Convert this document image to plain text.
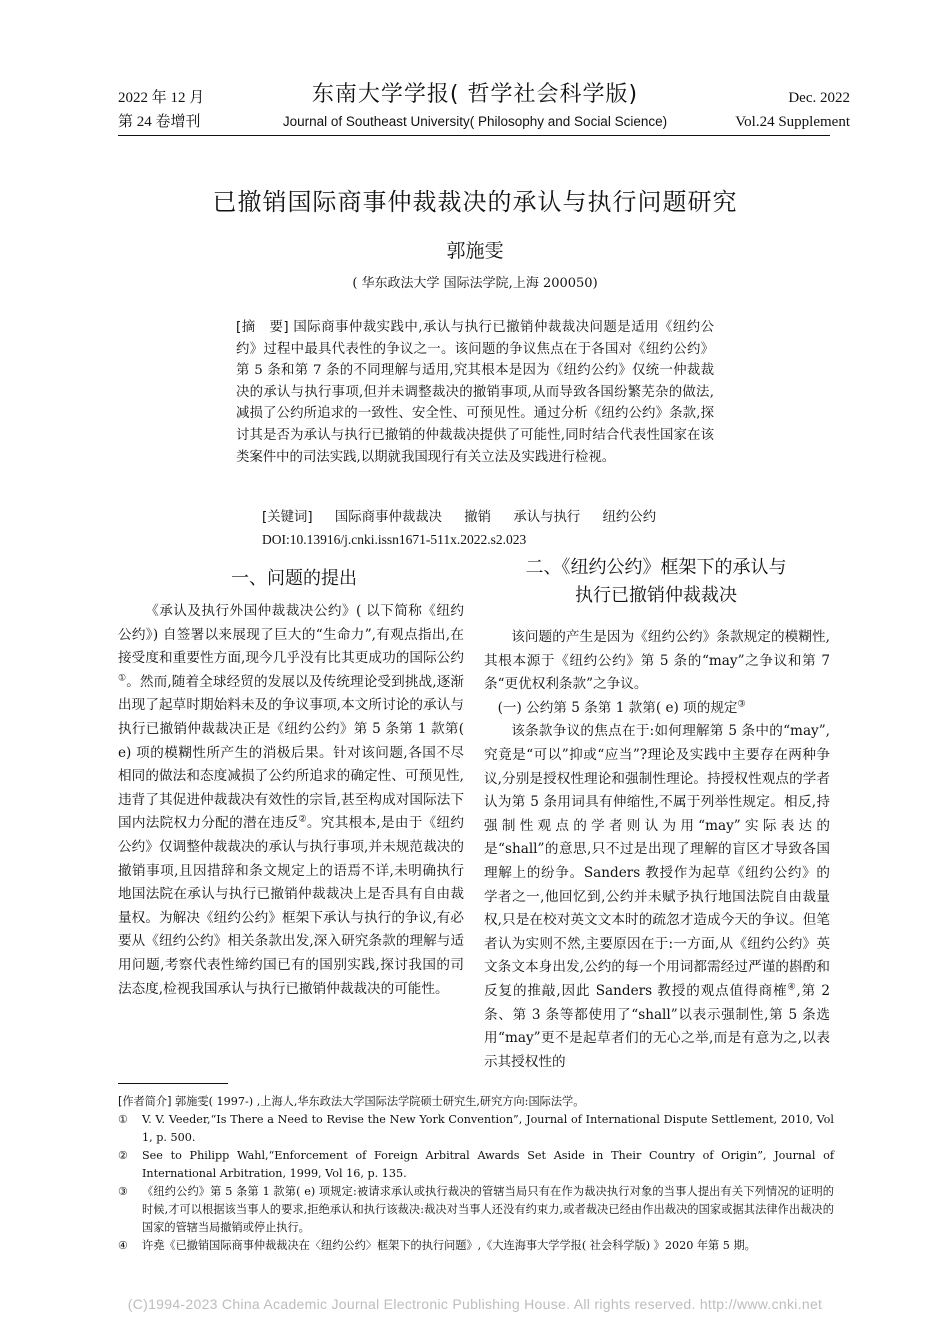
2022 年 12 月
第 24 卷增刊
东南大学学报( 哲学社会科学版)
Journal of Southeast University( Philosophy and Social Science)
Dec. 2022
Vol.24 Supplement
已撤销国际商事仲裁裁决的承认与执行问题研究
郭施雯
( 华东政法大学 国际法学院,上海 200050)
[摘　要] 国际商事仲裁实践中,承认与执行已撤销仲裁裁决问题是适用《纽约公约》过程中最具代表性的争议之一。该问题的争议焦点在于各国对《纽约公约》第 5 条和第 7 条的不同理解与适用,究其根本是因为《纽约公约》仅统一仲裁裁决的承认与执行事项,但并未调整裁决的撤销事项,从而导致各国纷繁芜杂的做法,减损了公约所追求的一致性、安全性、可预见性。通过分析《纽约公约》条款,探讨其是否为承认与执行已撤销的仲裁裁决提供了可能性,同时结合代表性国家在该类案件中的司法实践,以期就我国现行有关立法及实践进行检视。
[关键词] 国际商事仲裁裁决 撤销 承认与执行 纽约公约
DOI:10.13916/j.cnki.issn1671-511x.2022.s2.023
一、问题的提出
二、《纽约公约》框架下的承认与
执行已撤销仲裁裁决

《承认及执行外国仲裁裁决公约》( 以下简称《纽约公约》) 自签署以来展现了巨大的“生命力”,有观点指出,在接受度和重要性方面,现今几乎没有比其更成功的国际公约①。然而,随着全球经贸的发展以及传统理论受到挑战,逐渐出现了起草时期始料未及的争议事项,本文所讨论的承认与执行已撤销仲裁裁决正是《纽约公约》第 5 条第 1 款第( e) 项的模糊性所产生的消极后果。针对该问题,各国不尽相同的做法和态度减损了公约所追求的确定性、可预见性,违背了其促进仲裁裁决有效性的宗旨,甚至构成对国际法下国内法院权力分配的潜在违反②。究其根本,是由于《纽约公约》仅调整仲裁裁决的承认与执行事项,并未规范裁决的撤销事项,且因措辞和条文规定上的语焉不详,未明确执行地国法院在承认与执行已撤销仲裁裁决上是否具有自由裁量权。为解决《纽约公约》框架下承认与执行的争议,有必要从《纽约公约》相关条款出发,深入研究条款的理解与适用问题,考察代表性缔约国已有的国别实践,探讨我国的司法态度,检视我国承认与执行已撤销仲裁裁决的可能性。

该问题的产生是因为《纽约公约》条款规定的模糊性,其根本源于《纽约公约》第 5 条的“may”之争议和第 7 条“更优权利条款”之争议。

(一) 公约第 5 条第 1 款第( e) 项的规定③

该条款争议的焦点在于:如何理解第 5 条中的“may”,究竟是“可以”抑或“应当”?理论及实践中主要存在两种争议,分别是授权性理论和强制性理论。持授权性观点的学者认为第 5 条用词具有伸缩性,不属于列举性规定。相反,持强制性观点的学者则认为用“may”实际表达的是“shall”的意思,只不过是出现了理解的盲区才导致各国理解上的纷争。Sanders 教授作为起草《纽约公约》的学者之一,他回忆到,公约并未赋予执行地国法院自由裁量权,只是在校对英文文本时的疏忽才造成今天的争议。但笔者认为实则不然,主要原因在于:一方面,从《纽约公约》英文条文本身出发,公约的每一个用词都需经过严谨的斟酌和反复的推敲,因此 Sanders 教授的观点值得商榷④,第 2 条、第 3 条等都使用了“shall”以表示强制性,第 5 条选用“may”更不是起草者们的无心之举,而是有意为之,以表示其授权性的

[作者简介] 郭施雯( 1997-) ,上海人,华东政法大学国际法学院硕士研究生,研究方向:国际法学。
①	V. V. Veeder,“Is There a Need to Revise the New York Convention”, Journal of International Dispute Settlement, 2010, Vol 1, p. 500.
②	See to Philipp Wahl,“Enforcement of Foreign Arbitral Awards Set Aside in Their Country of Origin”, Journal of International Arbitration, 1999, Vol 16, p. 135.
③	《纽约公约》第 5 条第 1 款第( e) 项规定:被请求承认或执行裁决的管辖当局只有在作为裁决执行对象的当事人提出有关下列情况的证明的时候,才可以根据该当事人的要求,拒绝承认和执行该裁决:裁决对当事人还没有约束力,或者裁决已经由作出裁决的国家或据其法律作出裁决的国家的管辖当局撤销或停止执行。
④	许堯《已撤销国际商事仲裁裁决在〈纽约公约〉框架下的执行问题》,《大连海事大学学报( 社会科学版) 》2020 年第 5 期。
(C)1994-2023 China Academic Journal Electronic Publishing House. All rights reserved. http://www.cnki.net
